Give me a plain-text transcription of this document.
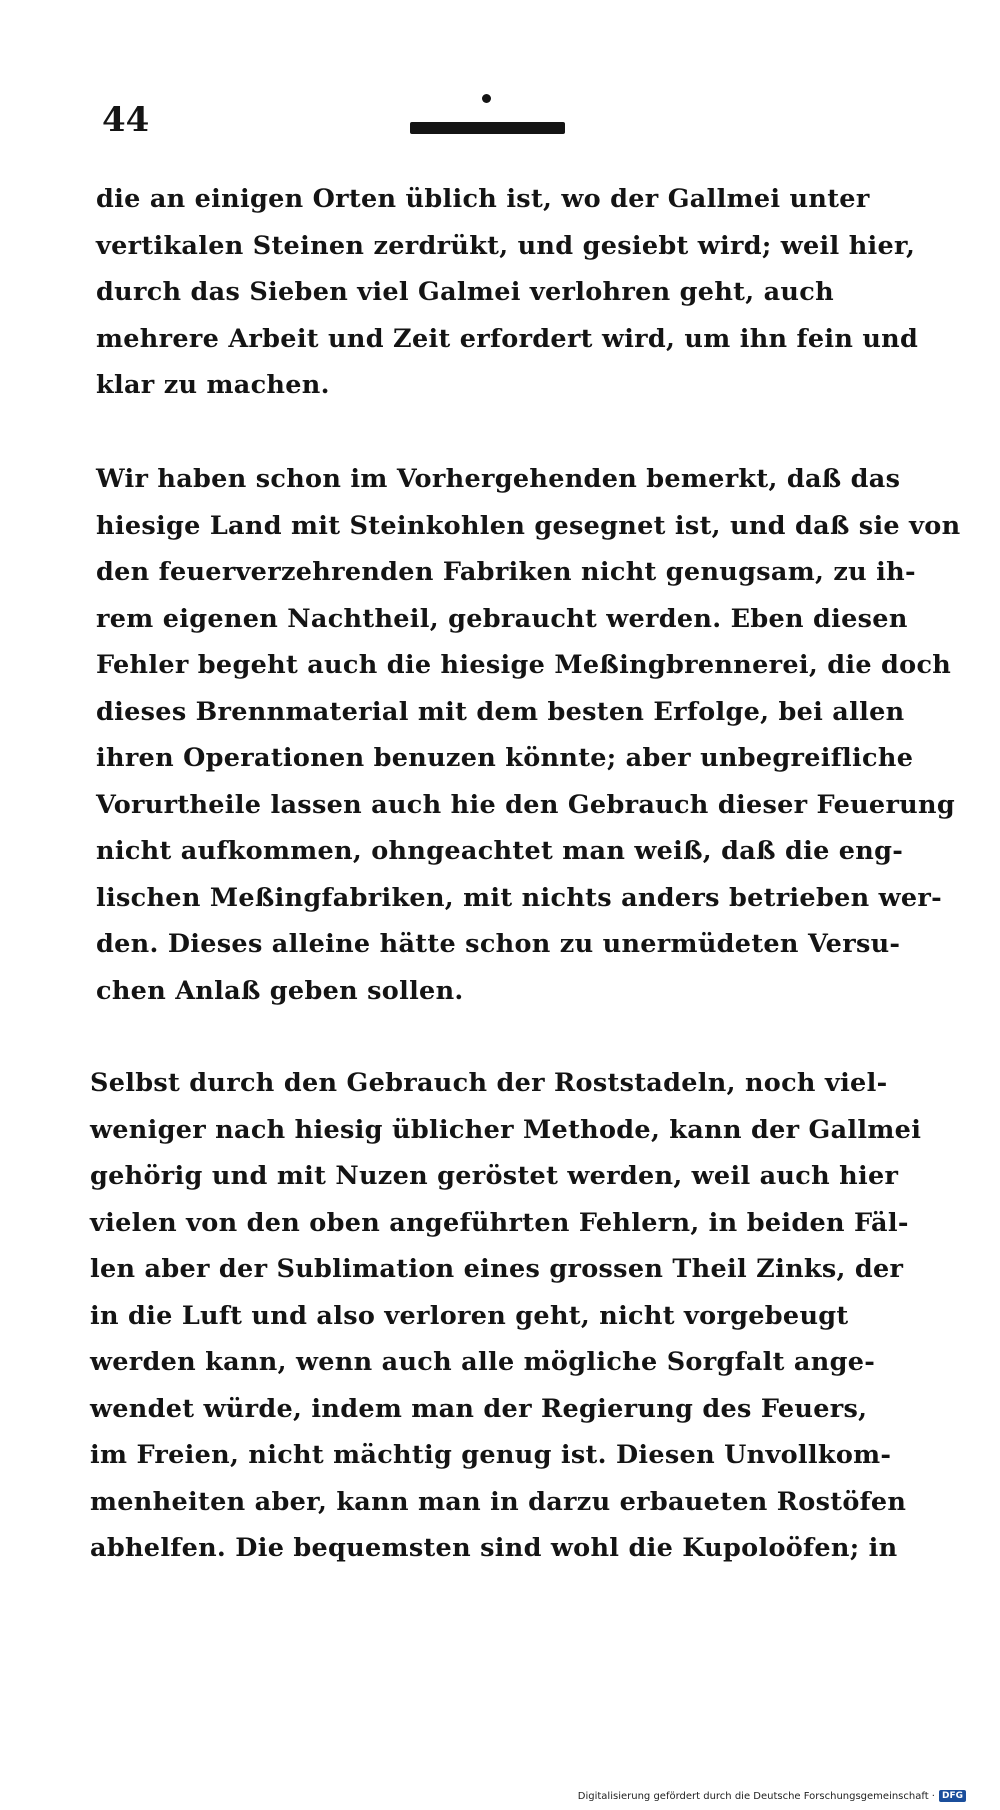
44
die an einigen Orten üblich ist, wo der Gallmei unter
vertikalen Steinen zerdrükt, und gesiebt wird; weil hier,
durch das Sieben viel Galmei verlohren geht, auch
mehrere Arbeit und Zeit erfordert wird, um ihn fein und
klar zu machen.
Wir haben schon im Vorhergehenden bemerkt, daß das
hiesige Land mit Steinkohlen gesegnet ist, und daß sie von
den feuerverzehrenden Fabriken nicht genugsam, zu ih-
rem eigenen Nachtheil, gebraucht werden. Eben diesen
Fehler begeht auch die hiesige Meßingbrennerei, die doch
dieses Brennmaterial mit dem besten Erfolge, bei allen
ihren Operationen benuzen könnte; aber unbegreifliche
Vorurtheile lassen auch hie den Gebrauch dieser Feuerung
nicht aufkommen, ohngeachtet man weiß, daß die eng-
lischen Meßingfabriken, mit nichts anders betrieben wer-
den. Dieses alleine hätte schon zu unermüdeten Versu-
chen Anlaß geben sollen.
Selbst durch den Gebrauch der Roststadeln, noch viel-
weniger nach hiesig üblicher Methode, kann der Gallmei
gehörig und mit Nuzen geröstet werden, weil auch hier
vielen von den oben angeführten Fehlern, in beiden Fäl-
len aber der Sublimation eines grossen Theil Zinks, der
in die Luft und also verloren geht, nicht vorgebeugt
werden kann, wenn auch alle mögliche Sorgfalt ange-
wendet würde, indem man der Regierung des Feuers,
im Freien, nicht mächtig genug ist. Diesen Unvollkom-
menheiten aber, kann man in darzu erbaueten Rostöfen
abhelfen. Die bequemsten sind wohl die Kupoloöfen; in
Digitalisierung gefördert durch die Deutsche Forschungsgemeinschaft · DFG
